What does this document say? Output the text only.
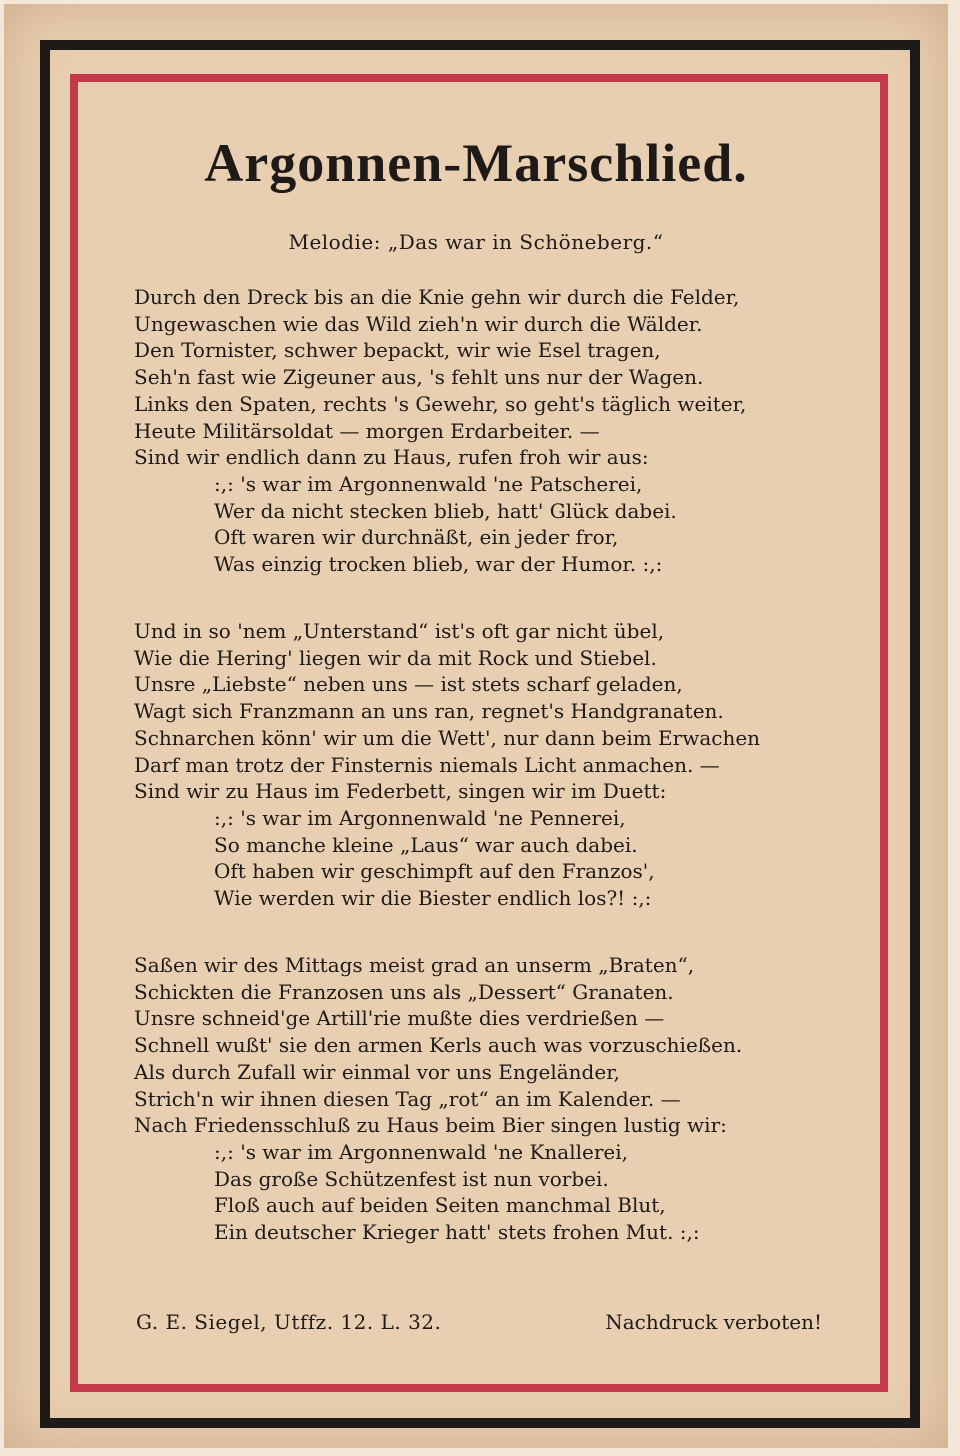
Argonnen-Marschlied.
Melodie: „Das war in Schöneberg.“
Durch den Dreck bis an die Knie gehn wir durch die Felder,
Ungewaschen wie das Wild zieh'n wir durch die Wälder.
Den Tornister, schwer bepackt, wir wie Esel tragen,
Seh'n fast wie Zigeuner aus, 's fehlt uns nur der Wagen.
Links den Spaten, rechts 's Gewehr, so geht's täglich weiter,
Heute Militärsoldat — morgen Erdarbeiter. —
Sind wir endlich dann zu Haus, rufen froh wir aus:
:,: 's war im Argonnenwald 'ne Patscherei,
Wer da nicht stecken blieb, hatt' Glück dabei.
Oft waren wir durchnäßt, ein jeder fror,
Was einzig trocken blieb, war der Humor. :,:
Und in so 'nem „Unterstand“ ist's oft gar nicht übel,
Wie die Hering' liegen wir da mit Rock und Stiebel.
Unsre „Liebste“ neben uns — ist stets scharf geladen,
Wagt sich Franzmann an uns ran, regnet's Handgranaten.
Schnarchen könn' wir um die Wett', nur dann beim Erwachen
Darf man trotz der Finsternis niemals Licht anmachen. —
Sind wir zu Haus im Federbett, singen wir im Duett:
:,: 's war im Argonnenwald 'ne Pennerei,
So manche kleine „Laus“ war auch dabei.
Oft haben wir geschimpft auf den Franzos',
Wie werden wir die Biester endlich los?! :,:
Saßen wir des Mittags meist grad an unserm „Braten“,
Schickten die Franzosen uns als „Dessert“ Granaten.
Unsre schneid'ge Artill'rie mußte dies verdrießen —
Schnell wußt' sie den armen Kerls auch was vorzuschießen.
Als durch Zufall wir einmal vor uns Engeländer,
Strich'n wir ihnen diesen Tag „rot“ an im Kalender. —
Nach Friedensschluß zu Haus beim Bier singen lustig wir:
:,: 's war im Argonnenwald 'ne Knallerei,
Das große Schützenfest ist nun vorbei.
Floß auch auf beiden Seiten manchmal Blut,
Ein deutscher Krieger hatt' stets frohen Mut. :,:
G. E. Siegel, Utffz. 12. L. 32.	Nachdruck verboten!
